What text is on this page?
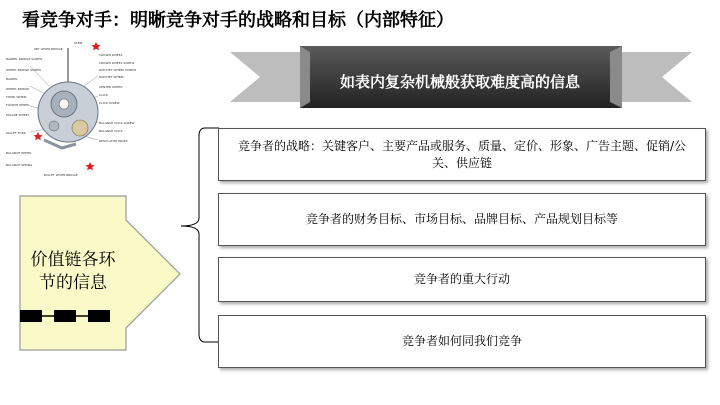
看竞争对手：明晰竞争对手的战略和目标（内部特征）
SET LEVER BRIDGE
STEM
CROWN WHEEL
BARREL BRIDGE SCREW
CROWN WHEEL SCREW
RATCHET WHEEL SCREW
RATCHET WHEEL
WHEEL BRIDGE SCREW
BARREL
WHEEL BRIDGE	CENTER WHEEL
THIRD WHEEL	CLICK
FOURTH WHEEL	CLICK SCREW
ESCAPE WHEEL
BALANCE COCK SCREW
PALLET FORK	BALANCE COCK
REGULATOR INDEX
BALANCE WHEEL
PALLET LEVER BRIDGE
BALANCE SPRING
如表内复杂机械般获取难度高的信息
价值链各环节的信息
竞争者的战略：关键客户、主要产品或服务、质量、定价、形象、广告主题、促销/公关、供应链
竞争者的财务目标、市场目标、品牌目标、产品规划目标等
竞争者的重大行动
竞争者如何同我们竞争
